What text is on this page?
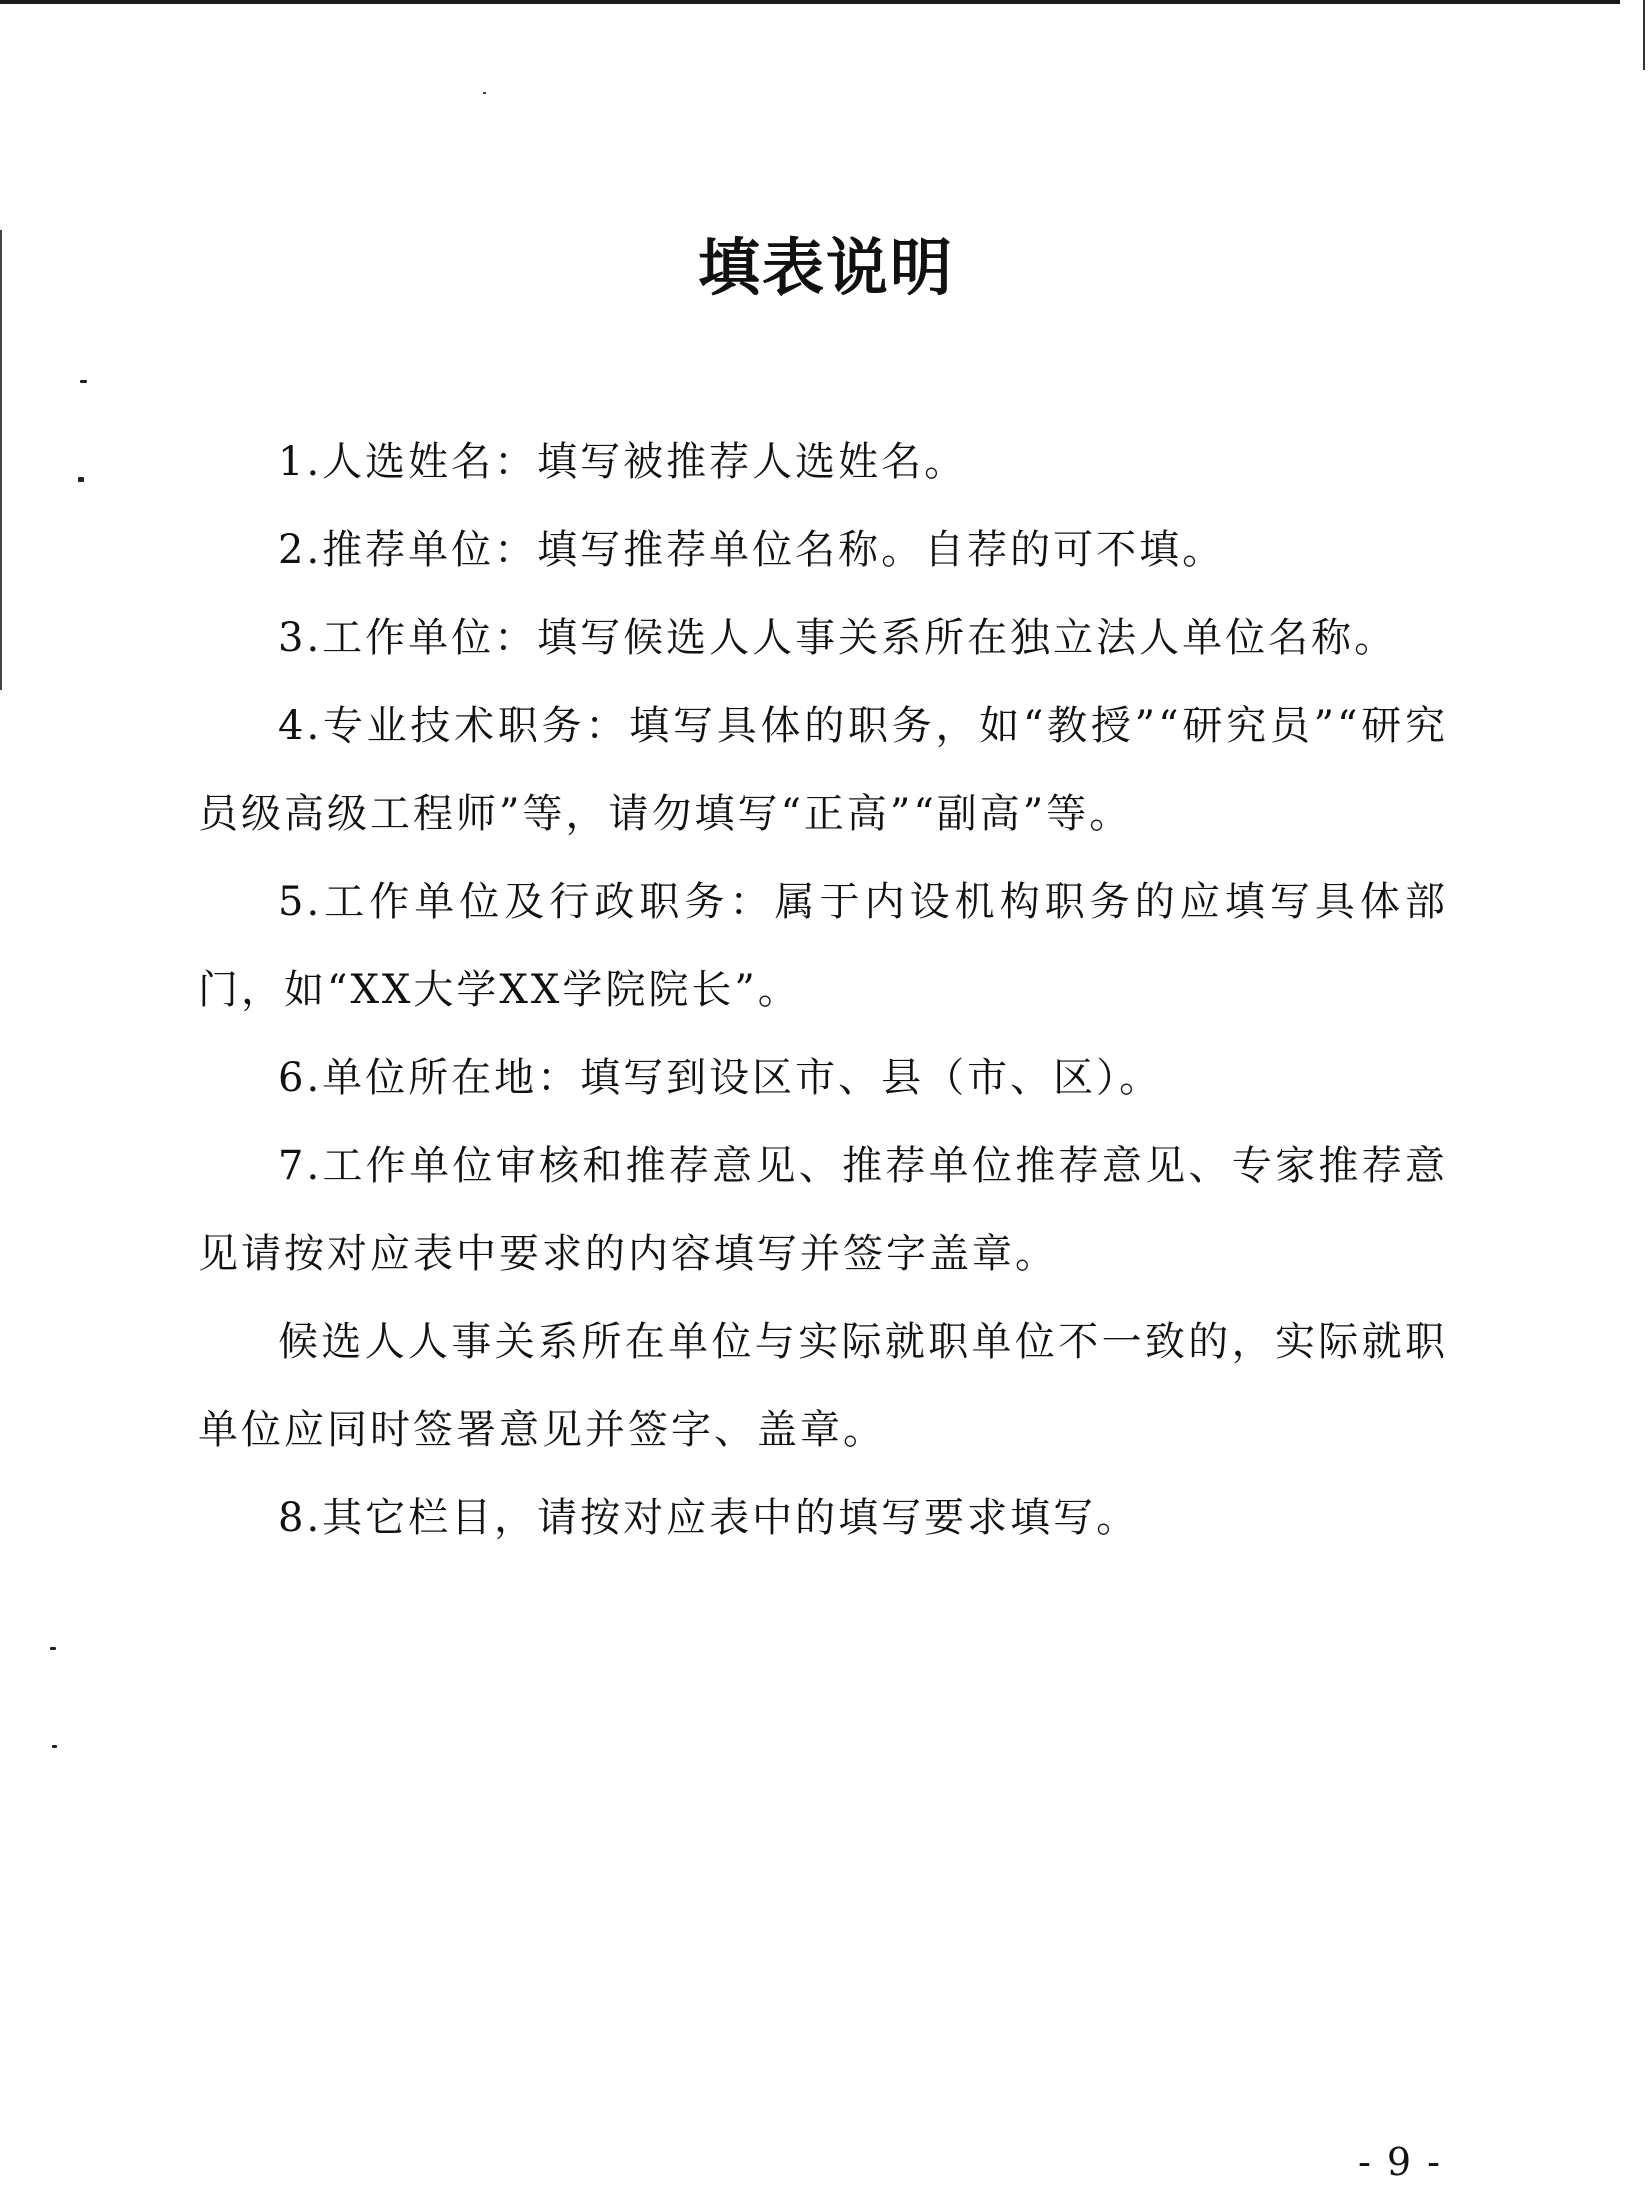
填表说明

1.人选姓名：填写被推荐人选姓名。

2.推荐单位：填写推荐单位名称。自荐的可不填。

3.工作单位：填写候选人人事关系所在独立法人单位名称。

4.专业技术职务：填写具体的职务，如“教授”“研究员”“研究员级高级工程师”等，请勿填写“正高”“副高”等。

5.工作单位及行政职务：属于内设机构职务的应填写具体部门，如“XX大学XX学院院长”。

6.单位所在地：填写到设区市、县（市、区）。

7.工作单位审核和推荐意见、推荐单位推荐意见、专家推荐意见请按对应表中要求的内容填写并签字盖章。

候选人人事关系所在单位与实际就职单位不一致的，实际就职单位应同时签署意见并签字、盖章。

8.其它栏目，请按对应表中的填写要求填写。

- 9 -
